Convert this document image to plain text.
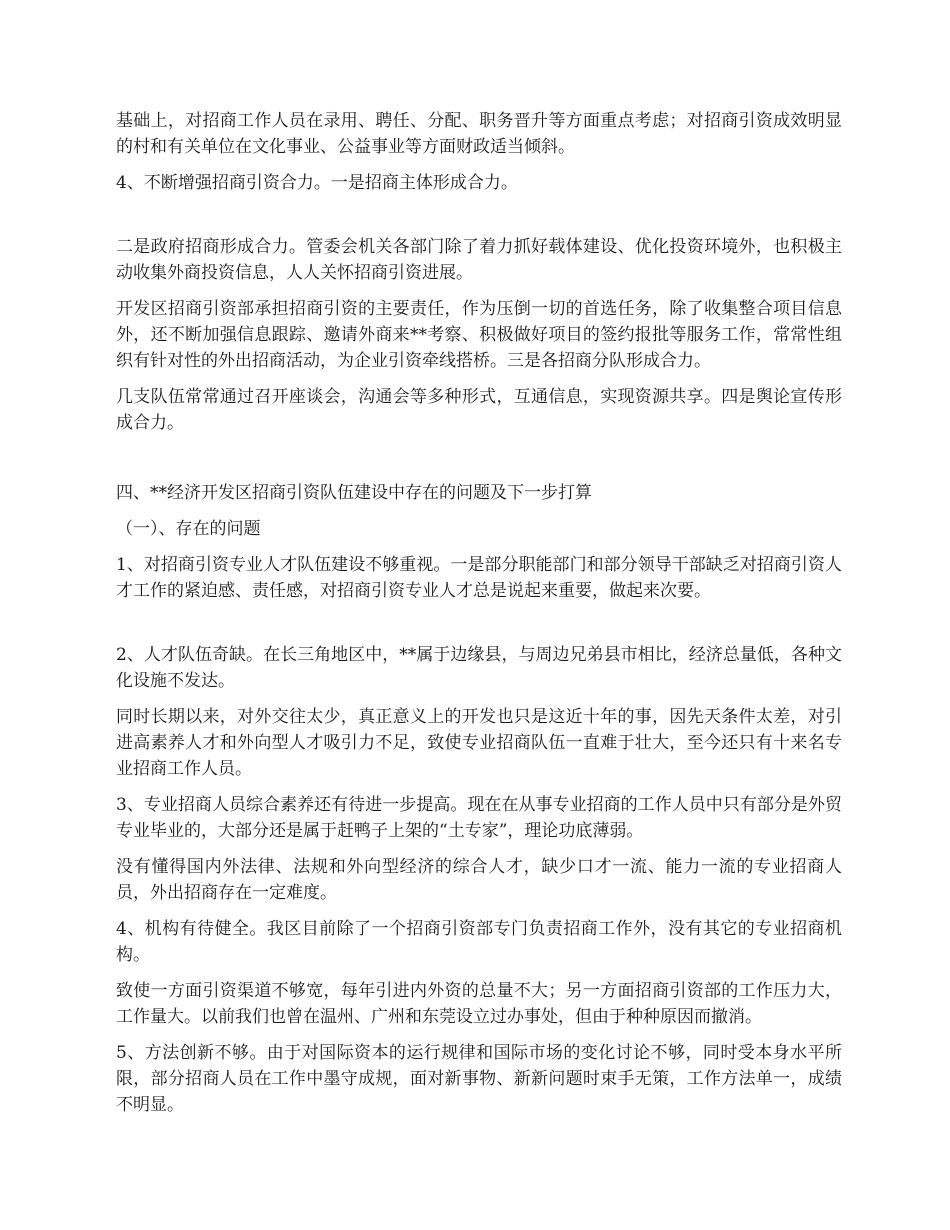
基础上，对招商工作人员在录用、聘任、分配、职务晋升等方面重点考虑；对招商引资成效明显的村和有关单位在文化事业、公益事业等方面财政适当倾斜。

4、不断增强招商引资合力。一是招商主体形成合力。

二是政府招商形成合力。管委会机关各部门除了着力抓好载体建设、优化投资环境外，也积极主动收集外商投资信息，人人关怀招商引资进展。

开发区招商引资部承担招商引资的主要责任，作为压倒一切的首选任务，除了收集整合项目信息外，还不断加强信息跟踪、邀请外商来**考察、积极做好项目的签约报批等服务工作，常常性组织有针对性的外出招商活动，为企业引资牵线搭桥。三是各招商分队形成合力。

几支队伍常常通过召开座谈会，沟通会等多种形式，互通信息，实现资源共享。四是舆论宣传形成合力。

四、**经济开发区招商引资队伍建设中存在的问题及下一步打算

（一）、存在的问题

1、对招商引资专业人才队伍建设不够重视。一是部分职能部门和部分领导干部缺乏对招商引资人才工作的紧迫感、责任感，对招商引资专业人才总是说起来重要，做起来次要。

2、人才队伍奇缺。在长三角地区中，**属于边缘县，与周边兄弟县市相比，经济总量低，各种文化设施不发达。

同时长期以来，对外交往太少，真正意义上的开发也只是这近十年的事，因先天条件太差，对引进高素养人才和外向型人才吸引力不足，致使专业招商队伍一直难于壮大，至今还只有十来名专业招商工作人员。

3、专业招商人员综合素养还有待进一步提高。现在在从事专业招商的工作人员中只有部分是外贸专业毕业的，大部分还是属于赶鸭子上架的“土专家”，理论功底薄弱。

没有懂得国内外法律、法规和外向型经济的综合人才，缺少口才一流、能力一流的专业招商人员，外出招商存在一定难度。

4、机构有待健全。我区目前除了一个招商引资部专门负责招商工作外，没有其它的专业招商机构。

致使一方面引资渠道不够宽，每年引进内外资的总量不大；另一方面招商引资部的工作压力大，工作量大。以前我们也曾在温州、广州和东莞设立过办事处，但由于种种原因而撤消。

5、方法创新不够。由于对国际资本的运行规律和国际市场的变化讨论不够，同时受本身水平所限，部分招商人员在工作中墨守成规，面对新事物、新新问题时束手无策，工作方法单一，成绩不明显。
